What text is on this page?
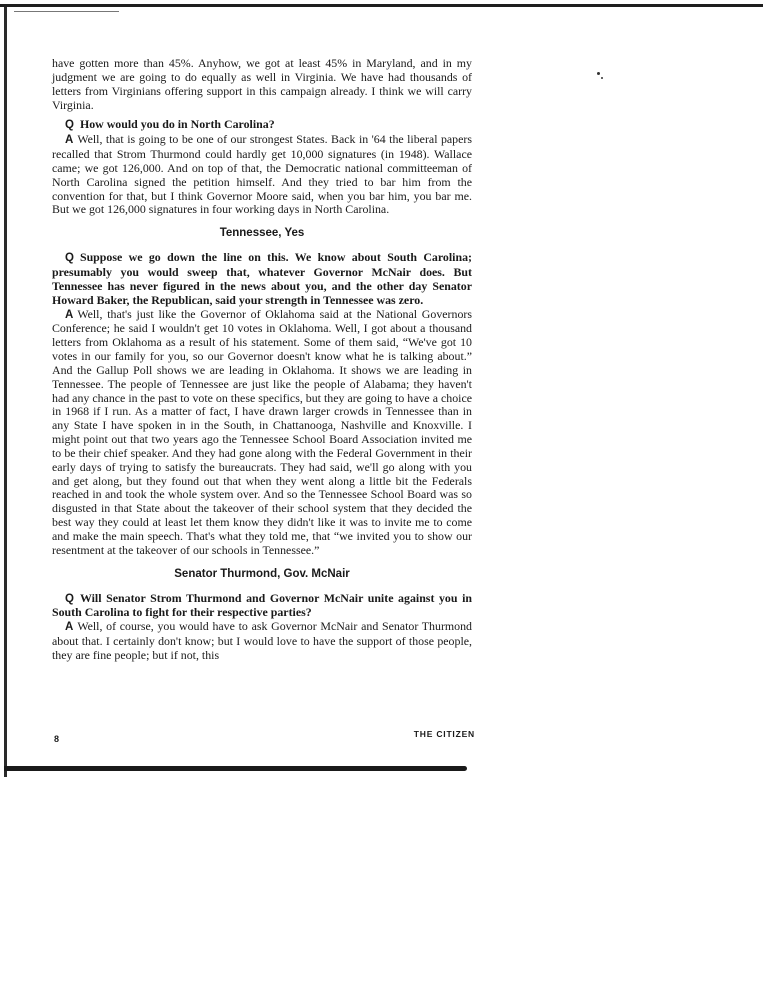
have gotten more than 45%. Anyhow, we got at least 45% in Maryland, and in my judgment we are going to do equally as well in Virginia. We have had thousands of letters from Virginians offering support in this campaign already. I think we will carry Virginia.

Q How would you do in North Carolina?

A Well, that is going to be one of our strongest States. Back in '64 the liberal papers recalled that Strom Thurmond could hardly get 10,000 signatures (in 1948). Wallace came; we got 126,000. And on top of that, the Democratic national committeeman of North Carolina signed the petition himself. And they tried to bar him from the convention for that, but I think Governor Moore said, when you bar him, you bar me. But we got 126,000 signatures in four working days in North Carolina.

Tennessee, Yes

Q Suppose we go down the line on this. We know about South Carolina; presumably you would sweep that, whatever Governor McNair does. But Tennessee has never figured in the news about you, and the other day Senator Howard Baker, the Republican, said your strength in Tennessee was zero.

A Well, that's just like the Governor of Oklahoma said at the National Governors Conference; he said I wouldn't get 10 votes in Oklahoma. Well, I got about a thousand letters from Oklahoma as a result of his statement. Some of them said, “We've got 10 votes in our family for you, so our Governor doesn't know what he is talking about.” And the Gallup Poll shows we are leading in Oklahoma. It shows we are leading in Tennessee. The people of Tennessee are just like the people of Alabama; they haven't had any chance in the past to vote on these specifics, but they are going to have a choice in 1968 if I run. As a matter of fact, I have drawn larger crowds in Tennessee than in any State I have spoken in in the South, in Chattanooga, Nashville and Knoxville. I might point out that two years ago the Tennessee School Board Association invited me to be their chief speaker. And they had gone along with the Federal Government in their early days of trying to satisfy the bureaucrats. They had said, we'll go along with you and get along, but they found out that when they went along a little bit the Federals reached in and took the whole system over. And so the Tennessee School Board was so disgusted in that State about the takeover of their school system that they decided the best way they could at least let them know they didn't like it was to invite me to come and make the main speech. That's what they told me, that “we invited you to show our resentment at the takeover of our schools in Tennessee.”

Senator Thurmond, Gov. McNair

Q Will Senator Strom Thurmond and Governor McNair unite against you in South Carolina to fight for their respective parties?

A Well, of course, you would have to ask Governor McNair and Senator Thurmond about that. I certainly don't know; but I would love to have the support of those people, they are fine people; but if not, this

8	THE CITIZEN
